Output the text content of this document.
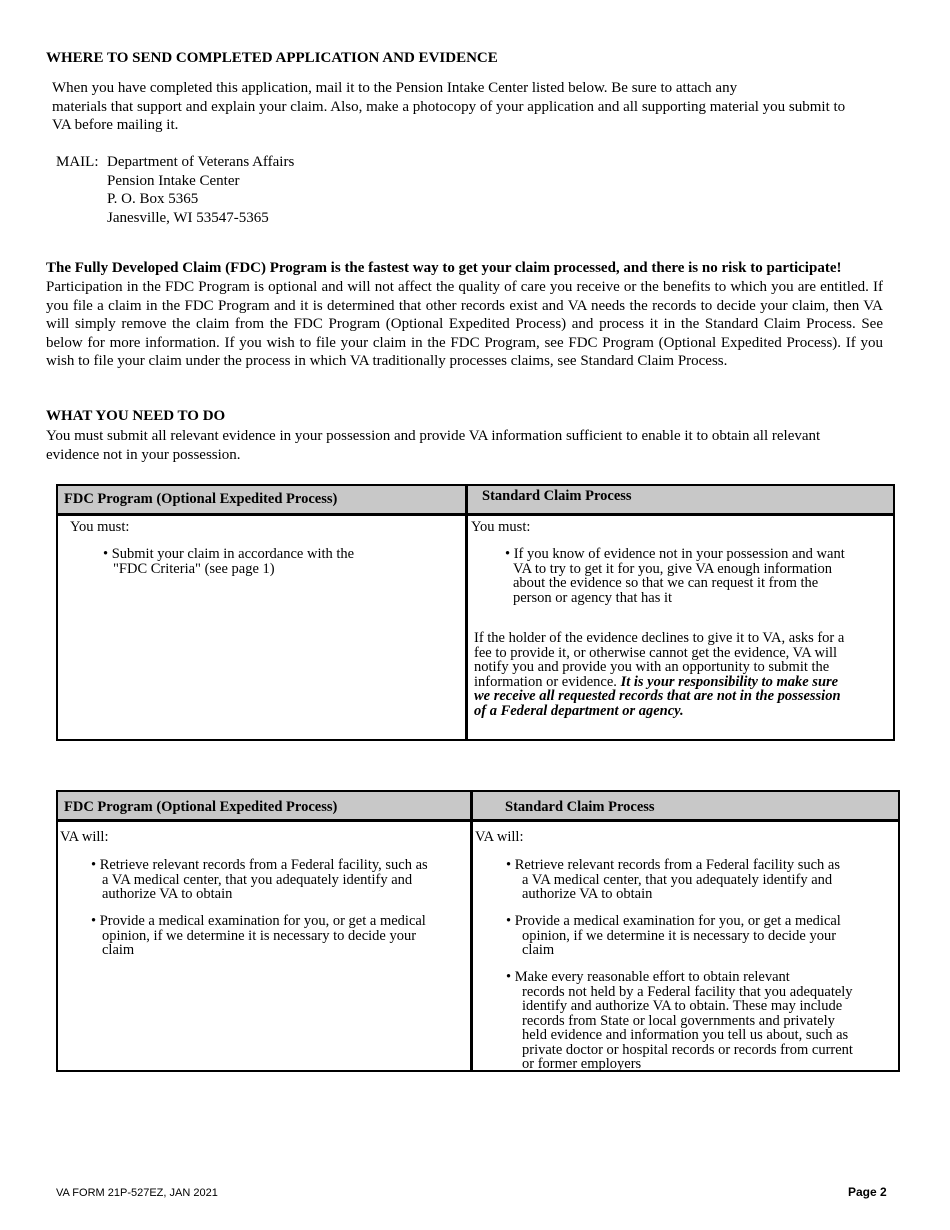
WHERE TO SEND COMPLETED APPLICATION AND EVIDENCE
When you have completed this application, mail it to the Pension Intake Center listed below. Be sure to attach any
materials that support and explain your claim. Also, make a photocopy of your application and all supporting material you submit to
VA before mailing it.
MAIL: Department of Veterans Affairs
Pension Intake Center
P. O. Box 5365
Janesville, WI 53547-5365
The Fully Developed Claim (FDC) Program is the fastest way to get your claim processed, and there is no risk to participate!
Participation in the FDC Program is optional and will not affect the quality of care you receive or the benefits to which you are entitled. If you file a claim in the FDC Program and it is determined that other records exist and VA needs the records to decide your claim, then VA will simply remove the claim from the FDC Program (Optional Expedited Process) and process it in the Standard Claim Process. See below for more information. If you wish to file your claim in the FDC Program, see FDC Program (Optional Expedited Process). If you wish to file your claim under the process in which VA traditionally processes claims, see Standard Claim Process.
WHAT YOU NEED TO DO
You must submit all relevant evidence in your possession and provide VA information sufficient to enable it to obtain all relevant
evidence not in your possession.
FDC Program (Optional Expedited Process)	Standard Claim Process
You must:
• Submit your claim in accordance with the
"FDC Criteria" (see page 1)
You must:
• If you know of evidence not in your possession and want
VA to try to get it for you, give VA enough information
about the evidence so that we can request it from the
person or agency that has it
If the holder of the evidence declines to give it to VA, asks for a
fee to provide it, or otherwise cannot get the evidence, VA will
notify you and provide you with an opportunity to submit the
information or evidence. It is your responsibility to make sure
we receive all requested records that are not in the possession
of a Federal department or agency.
FDC Program (Optional Expedited Process)	Standard Claim Process
VA will:
• Retrieve relevant records from a Federal facility, such as
a VA medical center, that you adequately identify and
authorize VA to obtain
• Provide a medical examination for you, or get a medical
opinion, if we determine it is necessary to decide your
claim
VA will:
• Retrieve relevant records from a Federal facility such as
a VA medical center, that you adequately identify and
authorize VA to obtain
• Provide a medical examination for you, or get a medical
opinion, if we determine it is necessary to decide your
claim
• Make every reasonable effort to obtain relevant
records not held by a Federal facility that you adequately
identify and authorize VA to obtain. These may include
records from State or local governments and privately
held evidence and information you tell us about, such as
private doctor or hospital records or records from current
or former employers
VA FORM 21P-527EZ, JAN 2021	Page 2
